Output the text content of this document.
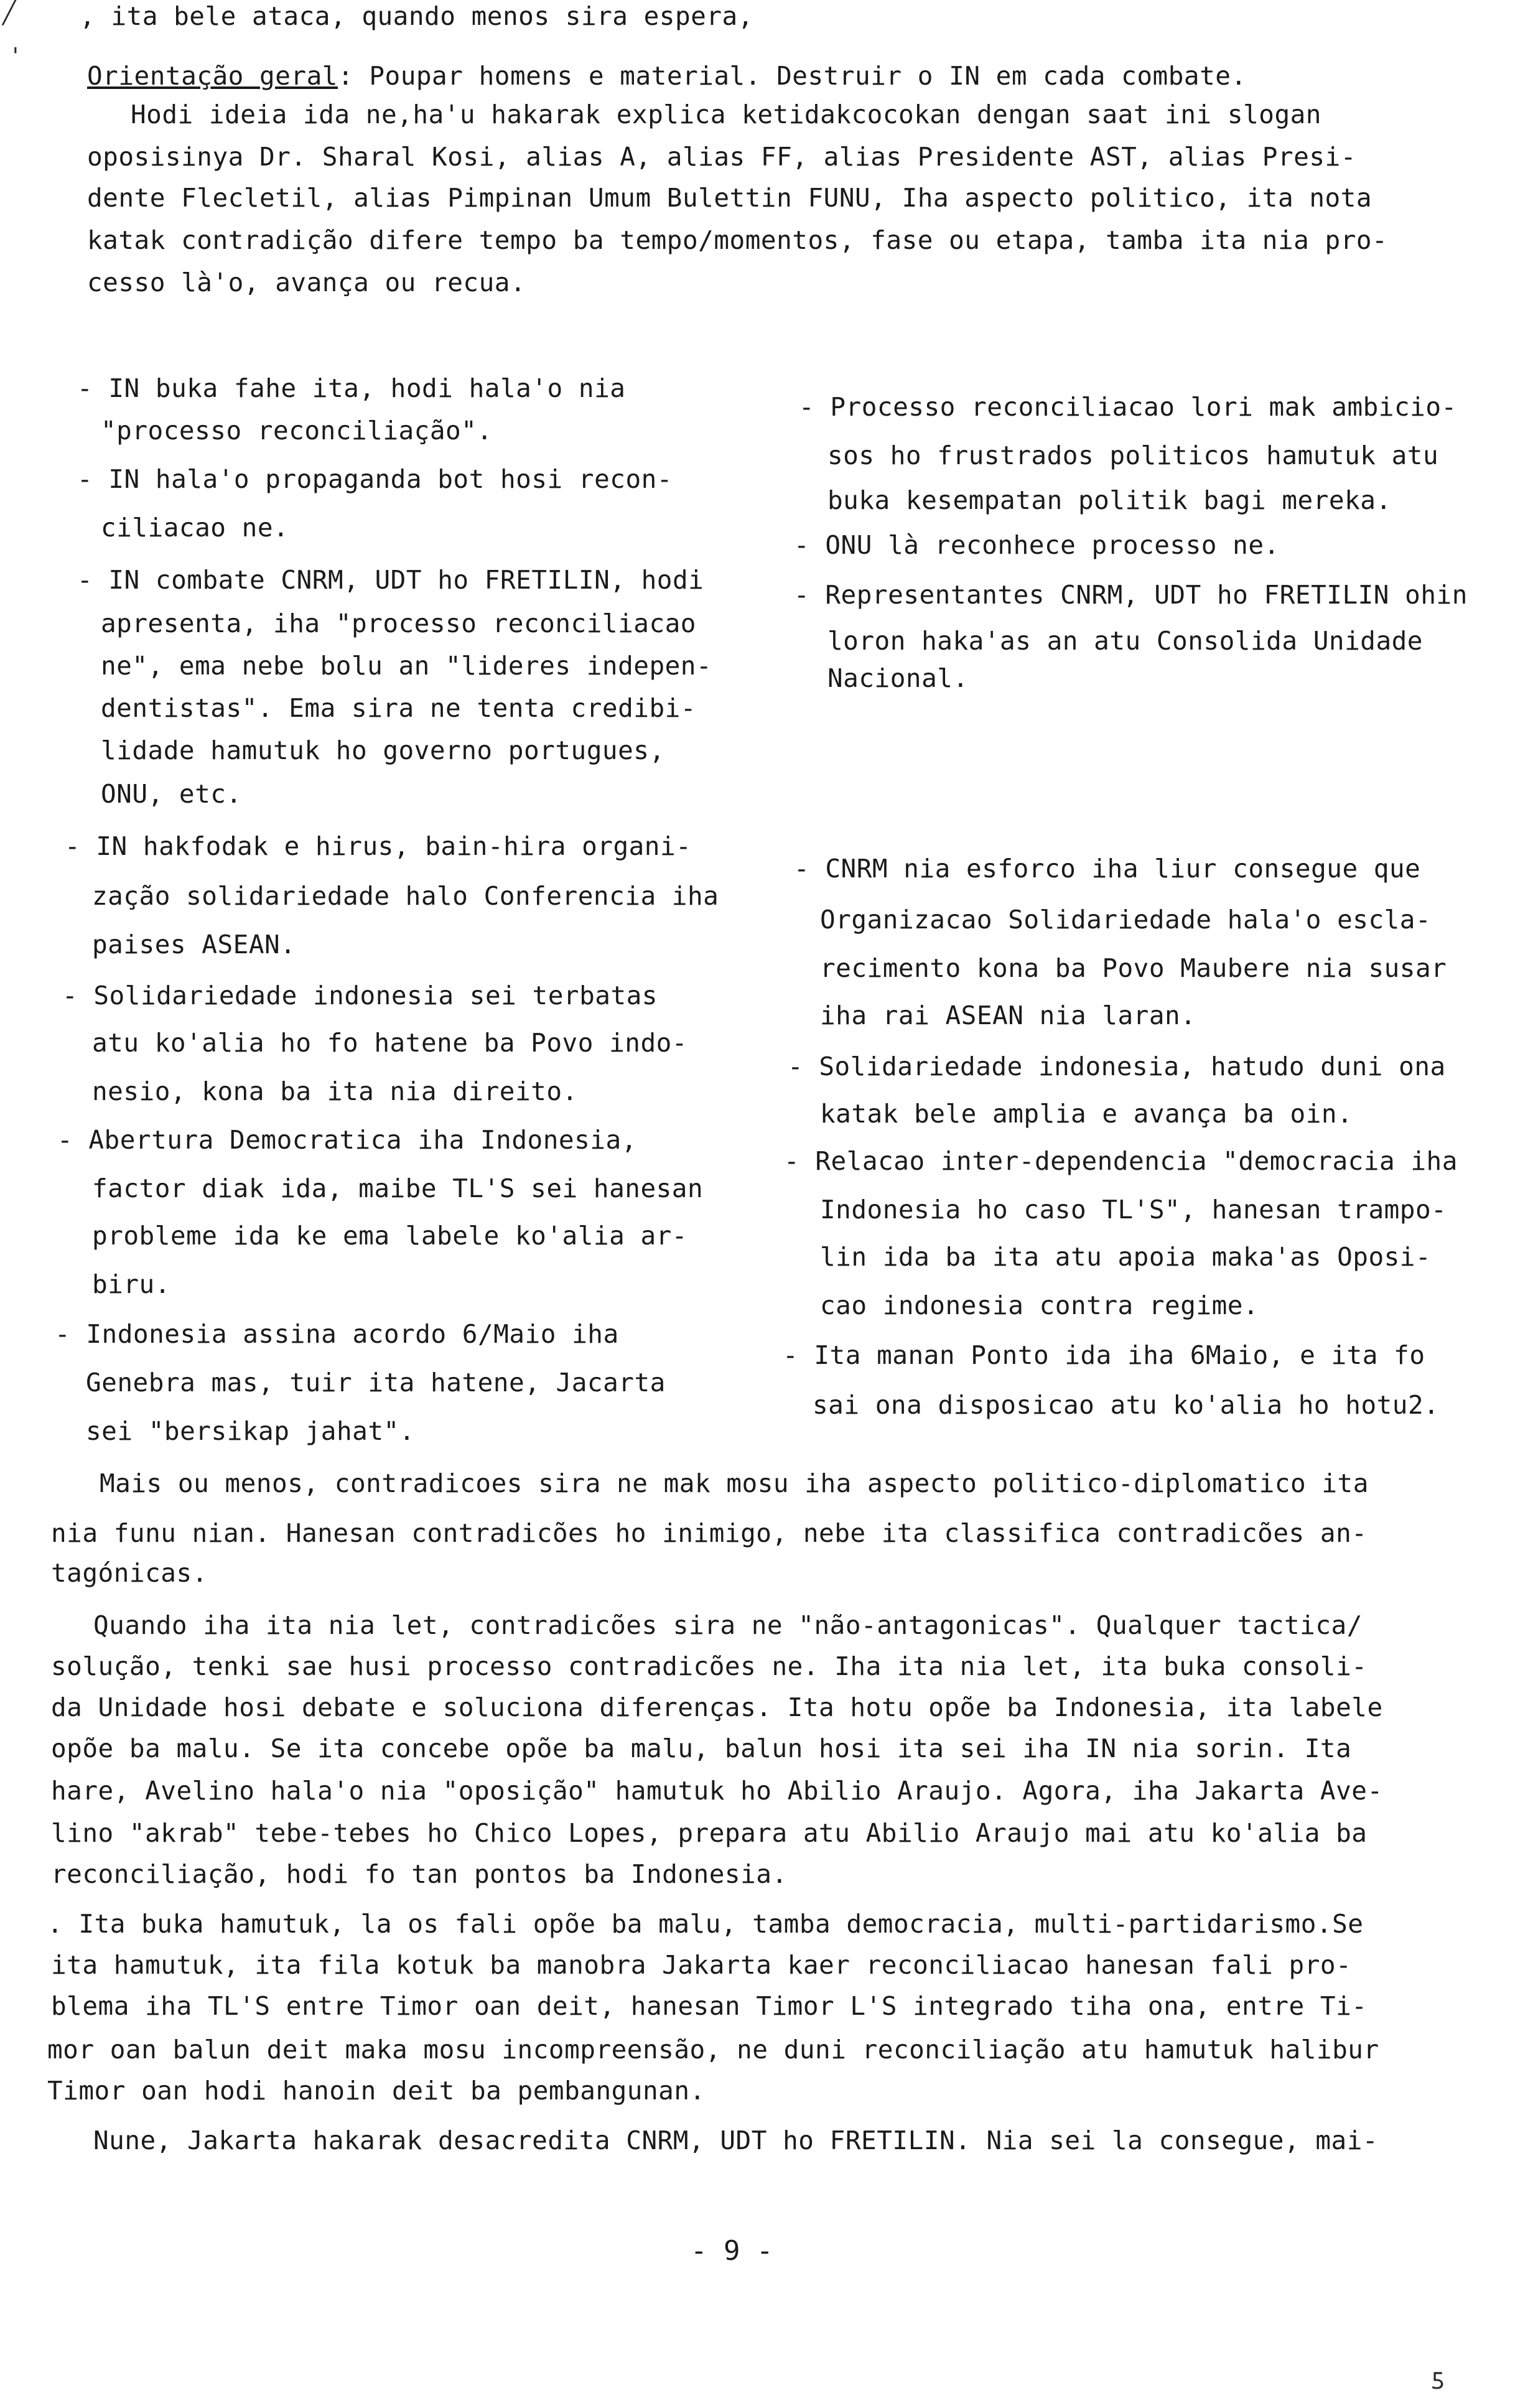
, ita bele ataca, quando menos sira espera,
Orientação geral: Poupar homens e material. Destruir o IN em cada combate.
Hodi ideia ida ne,ha'u hakarak explica ketidakcocokan dengan saat ini slogan
oposisinya Dr. Sharal Kosi, alias A, alias FF, alias Presidente AST, alias Presi-
dente Flecletil, alias Pimpinan Umum Bulettin FUNU, Iha aspecto politico, ita nota
katak contradição difere tempo ba tempo/momentos, fase ou etapa, tamba ita nia pro-
cesso là'o, avança ou recua.
- IN buka fahe ita, hodi hala'o nia
"processo reconciliação".
- IN hala'o propaganda bot hosi recon-
ciliacao ne.
- IN combate CNRM, UDT ho FRETILIN, hodi
apresenta, iha "processo reconciliacao
ne", ema nebe bolu an "lideres indepen-
dentistas". Ema sira ne tenta credibi-
lidade hamutuk ho governo portugues,
ONU, etc.
- IN hakfodak e hirus, bain-hira organi-
zação solidariedade halo Conferencia iha
paises ASEAN.
- Solidariedade indonesia sei terbatas
atu ko'alia ho fo hatene ba Povo indo-
nesio, kona ba ita nia direito.
- Abertura Democratica iha Indonesia,
factor diak ida, maibe TL'S sei hanesan
probleme ida ke ema labele ko'alia ar-
biru.
- Indonesia assina acordo 6/Maio iha
Genebra mas, tuir ita hatene, Jacarta
sei "bersikap jahat".
- Processo reconciliacao lori mak ambicio-
sos ho frustrados politicos hamutuk atu
buka kesempatan politik bagi mereka.
- ONU là reconhece processo ne.
- Representantes CNRM, UDT ho FRETILIN ohin
loron haka'as an atu Consolida Unidade
Nacional.
- CNRM nia esforco iha liur consegue que
Organizacao Solidariedade hala'o escla-
recimento kona ba Povo Maubere nia susar
iha rai ASEAN nia laran.
- Solidariedade indonesia, hatudo duni ona
katak bele amplia e avança ba oin.
- Relacao inter-dependencia "democracia iha
Indonesia ho caso TL'S", hanesan trampo-
lin ida ba ita atu apoia maka'as Oposi-
cao indonesia contra regime.
- Ita manan Ponto ida iha 6Maio, e ita fo
sai ona disposicao atu ko'alia ho hotu2.
Mais ou menos, contradicoes sira ne mak mosu iha aspecto politico-diplomatico ita
nia funu nian. Hanesan contradicões ho inimigo, nebe ita classifica contradicões an-
tagónicas.
Quando iha ita nia let, contradicões sira ne "não-antagonicas". Qualquer tactica/
solução, tenki sae husi processo contradicões ne. Iha ita nia let, ita buka consoli-
da Unidade hosi debate e soluciona diferenças. Ita hotu opõe ba Indonesia, ita labele
opõe ba malu. Se ita concebe opõe ba malu, balun hosi ita sei iha IN nia sorin. Ita
hare, Avelino hala'o nia "oposição" hamutuk ho Abilio Araujo. Agora, iha Jakarta Ave-
lino "akrab" tebe-tebes ho Chico Lopes, prepara atu Abilio Araujo mai atu ko'alia ba
reconciliação, hodi fo tan pontos ba Indonesia.
. Ita buka hamutuk, la os fali opõe ba malu, tamba democracia, multi-partidarismo.Se
ita hamutuk, ita fila kotuk ba manobra Jakarta kaer reconciliacao hanesan fali pro-
blema iha TL'S entre Timor oan deit, hanesan Timor L'S integrado tiha ona, entre Ti-
mor oan balun deit maka mosu incompreensão, ne duni reconciliação atu hamutuk halibur
Timor oan hodi hanoin deit ba pembangunan.
Nune, Jakarta hakarak desacredita CNRM, UDT ho FRETILIN. Nia sei la consegue, mai-
- 9 -
╱
'
ƽ
